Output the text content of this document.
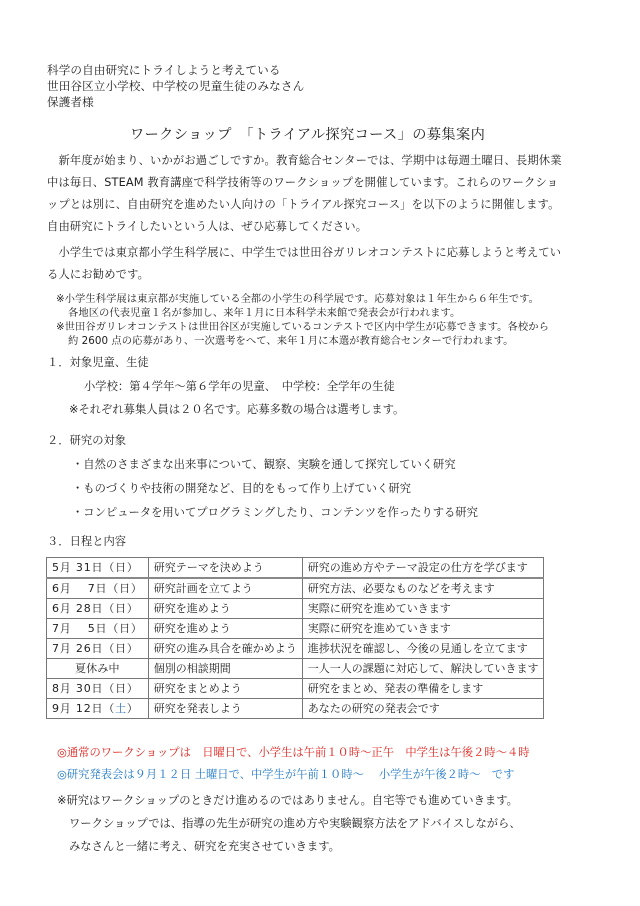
科学の自由研究にトライしようと考えている
世田谷区立小学校、中学校の児童生徒のみなさん
保護者様
ワークショップ　「トライアル探究コース」の募集案内
　新年度が始まり、いかがお過ごしですか。教育総合センターでは、学期中は毎週土曜日、長期休業
中は毎日、STEAM 教育講座で科学技術等のワークショップを開催しています。これらのワークショ
ップとは別に、自由研究を進めたい人向けの「トライアル探究コース」を以下のように開催します。
自由研究にトライしたいという人は、ぜひ応募してください。
　小学生では東京都小学生科学展に、中学生では世田谷ガリレオコンテストに応募しようと考えてい
る人にお勧めです。
※小学生科学展は東京都が実施している全都の小学生の科学展です。応募対象は１年生から６年生です。
各地区の代表児童１名が参加し、来年１月に日本科学未来館で発表会が行われます。
※世田谷ガリレオコンテストは世田谷区が実施しているコンテストで区内中学生が応募できます。各校から
約 2600 点の応募があり、一次選考をへて、来年１月に本選が教育総合センターで行われます。
１．対象児童、生徒
小学校：第４学年～第６学年の児童、　中学校：全学年の生徒
※それぞれ募集人員は２０名です。応募多数の場合は選考します。
２．研究の対象
・自然のさまざまな出来事について、観察、実験を通して探究していく研究
・ものづくりや技術の開発など、目的をもって作り上げていく研究
・コンピュータを用いてプログラミングしたり、コンテンツを作ったりする研究
３．日程と内容
5月 31日（日）	研究テーマを決めよう	研究の進め方やテーマ設定の仕方を学びます
6月　 7日（日）	研究計画を立てよう	研究方法、必要なものなどを考えます
6月 28日（日）	研究を進めよう	実際に研究を進めていきます
7月　 5日（日）	研究を進めよう	実際に研究を進めていきます
7月 26日（日）	研究の進み具合を確かめよう	進捗状況を確認し、今後の見通しを立てます
夏休み中	個別の相談期間	一人一人の課題に対応して、解決していきます
8月 30日（日）	研究をまとめよう	研究をまとめ、発表の準備をします
9月 12日（土）	研究を発表しよう	あなたの研究の発表会です
◎通常のワークショップは　日曜日で、小学生は午前１０時～正午　中学生は午後２時～４時
◎研究発表会は９月１２日 土曜日で、中学生が午前１０時～　 小学生が午後２時～　です
※研究はワークショップのときだけ進めるのではありません。自宅等でも進めていきます。
ワークショップでは、指導の先生が研究の進め方や実験観察方法をアドバイスしながら、
みなさんと一緒に考え、研究を充実させていきます。
